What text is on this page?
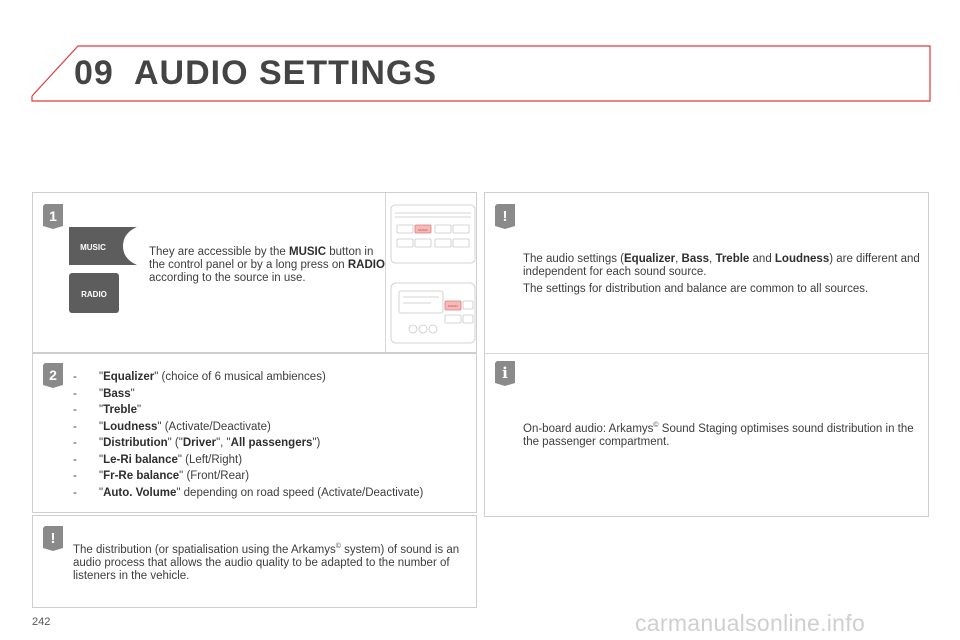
09 AUDIO SETTINGS
1
MUSIC
RADIO

They are accessible by the MUSIC button in the control panel or by a long press on RADIO according to the source in use.

MUSIC
RADIO
2
-	"Equalizer" (choice of 6 musical ambiences)
- "Bass"
- "Treble"
- "Loudness" (Activate/Deactivate)
- "Distribution" ("Driver", "All passengers")
- "Le-Ri balance" (Left/Right)
- "Fr-Re balance" (Front/Rear)
- "Auto. Volume" depending on road speed (Activate/Deactivate)
!

The distribution (or spatialisation using the Arkamys© system) of sound is an audio process that allows the audio quality to be adapted to the number of listeners in the vehicle.

!

The audio settings (Equalizer, Bass, Treble and Loudness) are different and independent for each sound source.

The settings for distribution and balance are common to all sources.

i

On-board audio: Arkamys© Sound Staging optimises sound distribution in the the passenger compartment.

242	carmanualsonline.info
